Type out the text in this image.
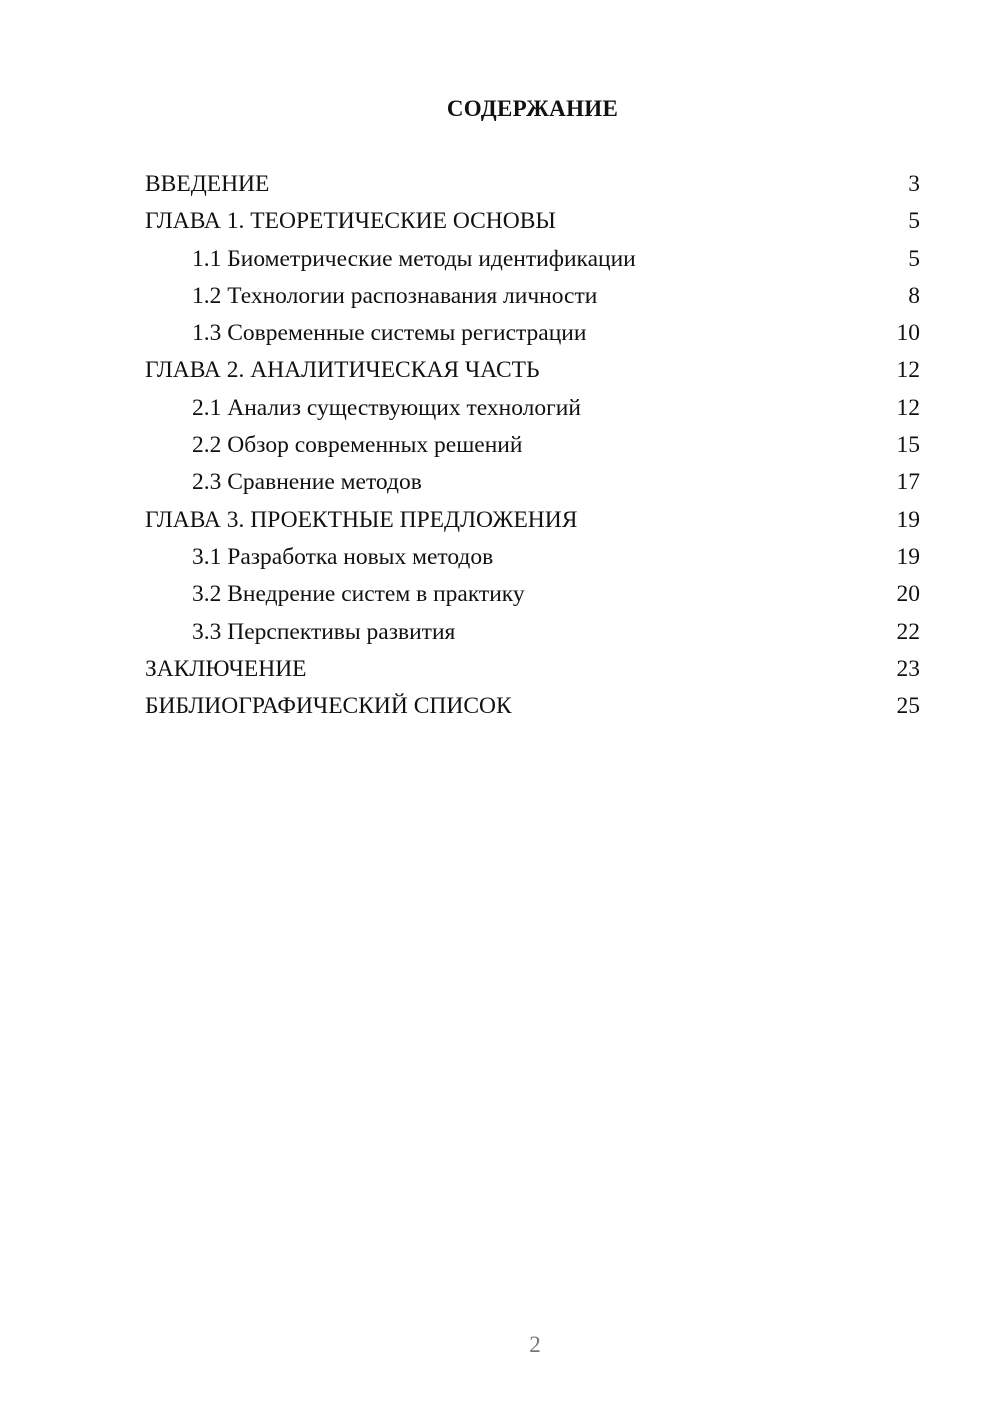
СОДЕРЖАНИЕ
ВВЕДЕНИЕ	3
ГЛАВА 1. ТЕОРЕТИЧЕСКИЕ ОСНОВЫ	5
1.1 Биометрические методы идентификации	5
1.2 Технологии распознавания личности	8
1.3 Современные системы регистрации	10
ГЛАВА 2. АНАЛИТИЧЕСКАЯ ЧАСТЬ	12
2.1 Анализ существующих технологий	12
2.2 Обзор современных решений	15
2.3 Сравнение методов	17
ГЛАВА 3. ПРОЕКТНЫЕ ПРЕДЛОЖЕНИЯ	19
3.1 Разработка новых методов	19
3.2 Внедрение систем в практику	20
3.3 Перспективы развития	22
ЗАКЛЮЧЕНИЕ	23
БИБЛИОГРАФИЧЕСКИЙ СПИСОК	25
2
